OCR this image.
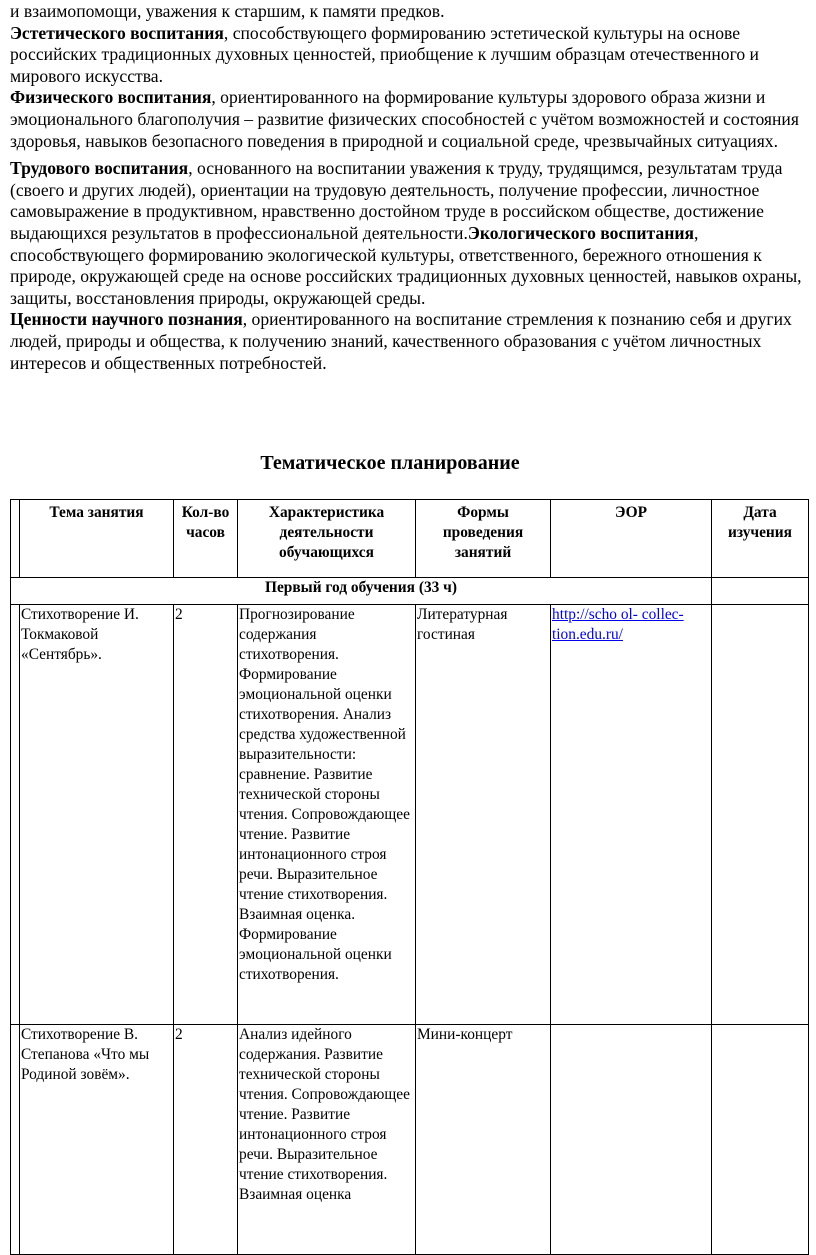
и взаимопомощи, уважения к старшим, к памяти предков.

Эстетического воспитания, способствующего формированию эстетической культуры на основе российских традиционных духовных ценностей, приобщение к лучшим образцам отечественного и мирового искусства.

Физического воспитания, ориентированного на формирование культуры здорового образа жизни и эмоционального благополучия – развитие физических способностей с учётом возможностей и состояния здоровья, навыков безопасного поведения в природной и социальной среде, чрезвычайных ситуациях.

Трудового воспитания, основанного на воспитании уважения к труду, трудящимся, результатам труда (своего и других людей), ориентации на трудовую деятельность, получение профессии, личностное самовыражение в продуктивном, нравственно достойном труде в российском обществе, достижение выдающихся результатов в профессиональной деятельности.Экологического воспитания, способствующего формированию экологической культуры, ответственного, бережного отношения к природе, окружающей среде на основе российских традиционных духовных ценностей, навыков охраны, защиты, восстановления природы, окружающей среды.

Ценности научного познания, ориентированного на воспитание стремления к познанию себя и других людей, природы и общества, к получению знаний, качественного образования с учётом личностных интересов и общественных потребностей.

Тематическое планирование
	Тема занятия	Кол-во часов	Характеристика деятельности обучающихся	Формы проведения занятий	ЭОР	Дата изучения
Первый год обучения (33 ч)						
	Стихотворение И. Токмаковой «Сентябрь».	2	Прогнозирование содержания стихотворения. Формирование эмоциональной оценки стихотворения. Анализ средства художественной выразительности: сравнение. Развитие технической стороны чтения. Сопровождающее чтение. Развитие интонационного строя речи. Выразительное чтение стихотворения. Взаимная оценка. Формирование эмоциональной оценки стихотворения.	Литературная гостиная	http://scho ol- collec- tion.edu.ru/	
	Стихотворение В. Степанова «Что мы Родиной зовём».	2	Анализ идейного содержания. Развитие технической стороны чтения. Сопровождающее чтение. Развитие интонационного строя речи. Выразительное чтение стихотворения. Взаимная оценка	Мини-концерт		
